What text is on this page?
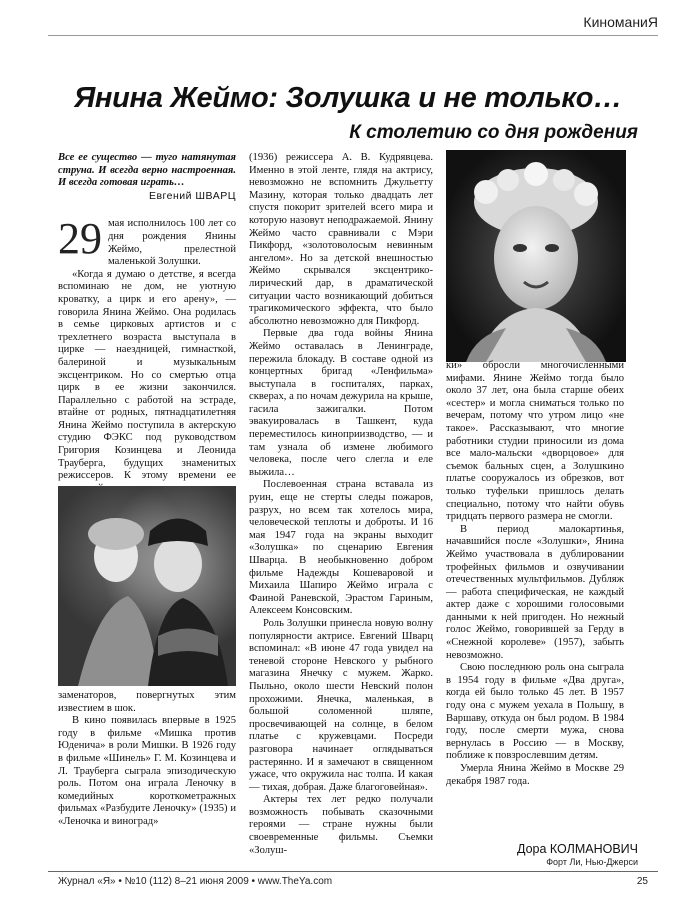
КиноманиЯ
Янина Жеймо: Золушка и не только…
К столетию со дня рождения
Все ее существо — туго натянутая струна. И всегда верно настроенная. И всегда готовая играть…
Евгений ШВАРЦ

29 мая исполнилось 100 лет со дня рождения Янины Жеймо, прелестной маленькой Золушки.

«Когда я думаю о детстве, я всегда вспоминаю не дом, не уютную кроватку, а цирк и его арену», — говорила Янина Жеймо. Она родилась в семье цирковых артистов и с трехлетнего возраста выступала в цирке — наездницей, гимнасткой, балериной и музыкальным эксцентриком. Но со смертью отца цирк в ее жизни закончился. Параллельно с работой на эстраде, втайне от родных, пятнадцатилетняя Янина Жеймо поступила в актерскую студию ФЭКС под руководством Григория Козинцева и Леонида Трауберга, будущих знаменитых режиссеров. К этому времени ее

заменаторов, повергнутых этим известием в шок.

В кино появилась впервые в 1925 году в фильме «Мишка против Юденича» в роли Мишки. В 1926 году в фильме «Шинель» Г. М. Козинцева и Л. Трауберга сыграла эпизодическую роль. Потом она играла Леночку в комедийных короткометражных фильмах «Разбудите Леночку» (1935) и «Леночка и виноград»

(1936) режиссера А. В. Кудрявцева. Именно в этой ленте, глядя на актрису, невозможно не вспомнить Джульетту Мазину, которая только двадцать лет спустя покорит зрителей всего мира и которую назовут неподражаемой. Янину Жеймо часто сравнивали с Мэри Пикфорд, «золотоволосым невинным ангелом». Но за детской внешностью Жеймо скрывался эксцентрико-лирический дар, в драматической ситуации часто возникающий добиться трагикомического эффекта, что было абсолютно невозможно для Пикфорд.

Первые два года войны Янина Жеймо оставалась в Ленинграде, пережила блокаду. В составе одной из концертных бригад «Ленфильма» выступала в госпиталях, парках, скверах, а по ночам дежурила на крыше, гасила зажигалки. Потом эвакуировалась в Ташкент, куда переместилось киноприизводство, — и там узнала об измене любимого человека, после чего слегла и еле выжила…

Послевоенная страна вставала из руин, еще не стерты следы пожаров, разрух, но всем так хотелось мира, человеческой теплоты и доброты. И 16 мая 1947 года на экраны выходит «Золушка» по сценарию Евгения Шварца. В необыкновенно добром фильме Надежды Кошеваровой и Михаила Шапиро Жеймо играла с Фаиной Раневской, Эрастом Гариным, Алексеем Консовским.

Роль Золушки принесла новую волну популярности актрисе. Евгений Шварц вспоминал: «В июне 47 года увидел на теневой стороне Невского у рыбного магазина Янечку с мужем. Жарко. Пыльно, около шести Невский полон прохожими. Янечка, маленькая, в большой соломенной шляпе, просвечивающей на солнце, в белом платье с кружевцами. Посреди разговора начинает оглядываться растерянно. И я замечают в священном ужасе, что окружила нас толпа. И какая — тихая, добрая. Даже благоговейная».

Актеры тех лет редко получали возможность побывать сказочными героями — стране нужны были своевременные фильмы. Съемки «Золуш-

ки» обросли многочисленными мифами. Янине Жеймо тогда было около 37 лет, она была старше обеих «сестер» и могла сниматься только по вечерам, потому что утром лицо «не такое». Рассказывают, что многие работники студии приносили из дома все мало-мальски «дворцовое» для съемок бальных сцен, а Золушкино платье сооружалось из обрезков, вот только туфельки пришлось делать специально, потому что найти обувь тридцать первого размера не смогли.

В период малокартинья, начавшийся после «Золушки», Янина Жеймо участвовала в дублировании трофейных фильмов и озвучивании отечественных мультфильмов. Дубляж — работа специфическая, не каждый актер даже с хорошими голосовыми данными к ней пригоден. Но нежный голос Жеймо, говорившей за Герду в «Снежной королеве» (1957), забыть невозможно.

Свою последнюю роль она сыграла в 1954 году в фильме «Два друга», когда ей было только 45 лет. В 1957 году она с мужем уехала в Польшу, в Варшаву, откуда он был родом. В 1984 году, после смерти мужа, снова вернулась в Россию — в Москву, поближе к повзрослевшим детям.

Умерла Янина Жеймо в Москве 29 декабря 1987 года.

Дора КОЛМАНОВИЧ
Форт Ли, Нью-Джерси
Журнал «Я» • №10 (112) 8–21 июня 2009 • www.TheYa.com	25
